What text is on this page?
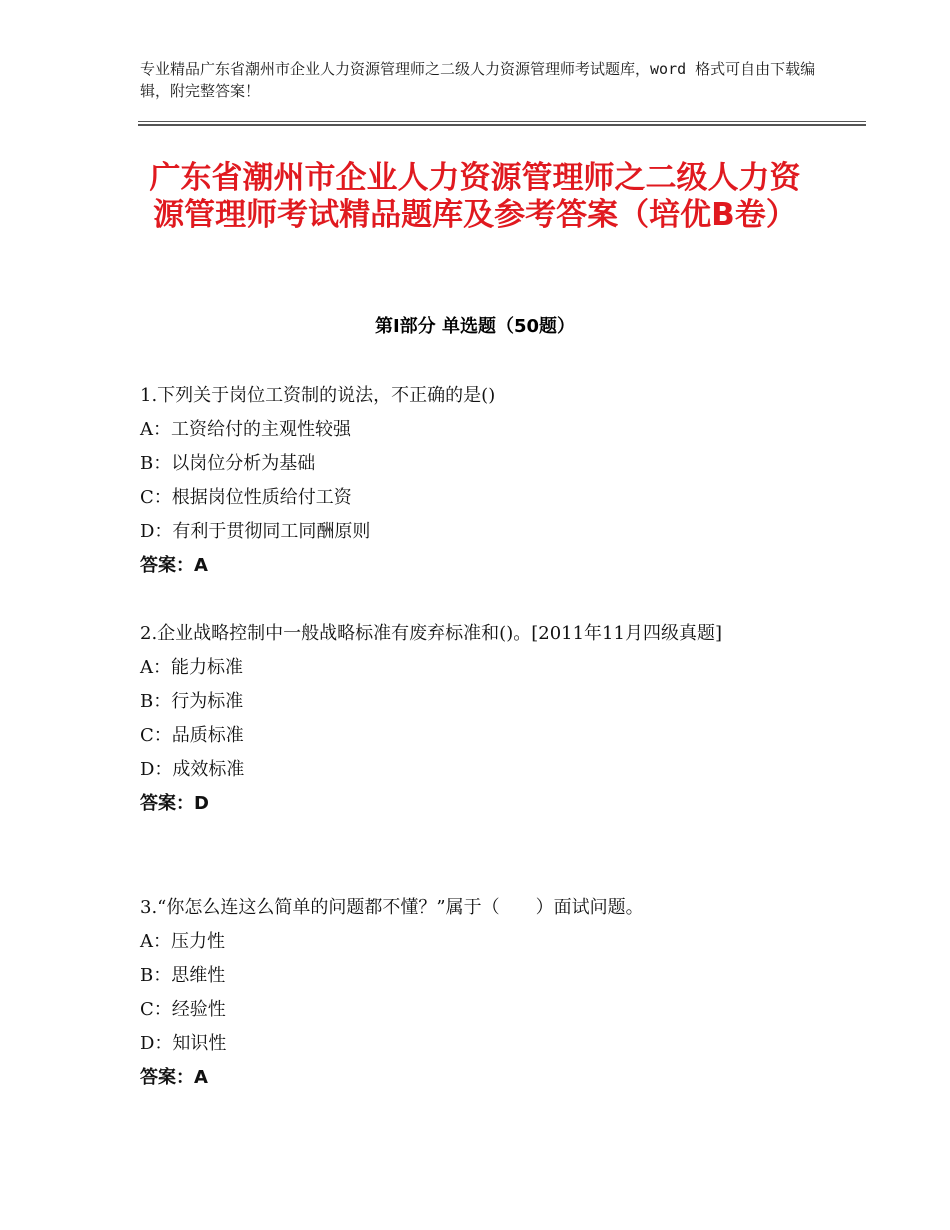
专业精品广东省潮州市企业人力资源管理师之二级人力资源管理师考试题库，word 格式可自由下载编辑，附完整答案！
广东省潮州市企业人力资源管理师之二级人力资源管理师考试精品题库及参考答案（培优B卷）
第Ⅰ部分 单选题（50题）
1.下列关于岗位工资制的说法，不正确的是()
A：工资给付的主观性较强
B：以岗位分析为基础
C：根据岗位性质给付工资
D：有利于贯彻同工同酬原则
答案：A
2.企业战略控制中一般战略标准有废弃标准和()。[2011年11月四级真题]
A：能力标准
B：行为标准
C：品质标准
D：成效标准
答案：D
3.“你怎么连这么简单的问题都不懂？”属于（　　）面试问题。
A：压力性
B：思维性
C：经验性
D：知识性
答案：A
